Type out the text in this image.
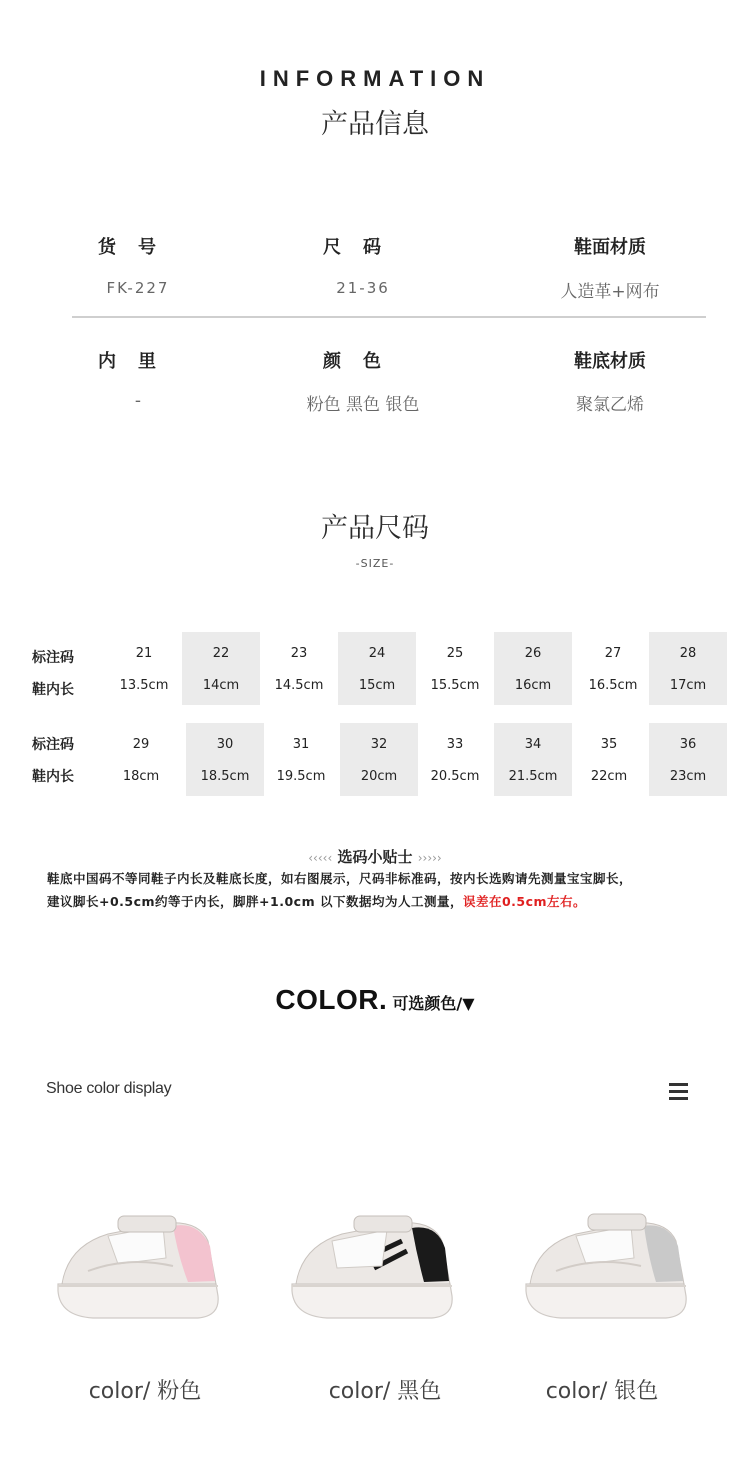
INFORMATION
产品信息
货号
FK-227
尺码
21-36
鞋面材质
人造革+网布
内里
-
颜色
粉色 黑色 银色
鞋底材质
聚氯乙烯
产品尺码
-SIZE-
标注码
鞋内长
标注码
鞋内长
21
13.5cm
22
14cm
23
14.5cm
24
15cm
25
15.5cm
26
16cm
27
16.5cm
28
17cm
29
18cm
30
18.5cm
31
19.5cm
32
20cm
33
20.5cm
34
21.5cm
35
22cm
36
23cm
‹‹‹‹‹ 选码小贴士 ›››››
鞋底中国码不等同鞋子内长及鞋底长度，如右图展示，尺码非标准码，按内长选购请先测量宝宝脚长，
建议脚长+0.5cm约等于内长，脚胖+1.0cm 以下数据均为人工测量，误差在0.5cm左右。
COLOR. 可选颜色/▼
Shoe color display
color/ 粉色	color/ 黑色	color/ 银色
